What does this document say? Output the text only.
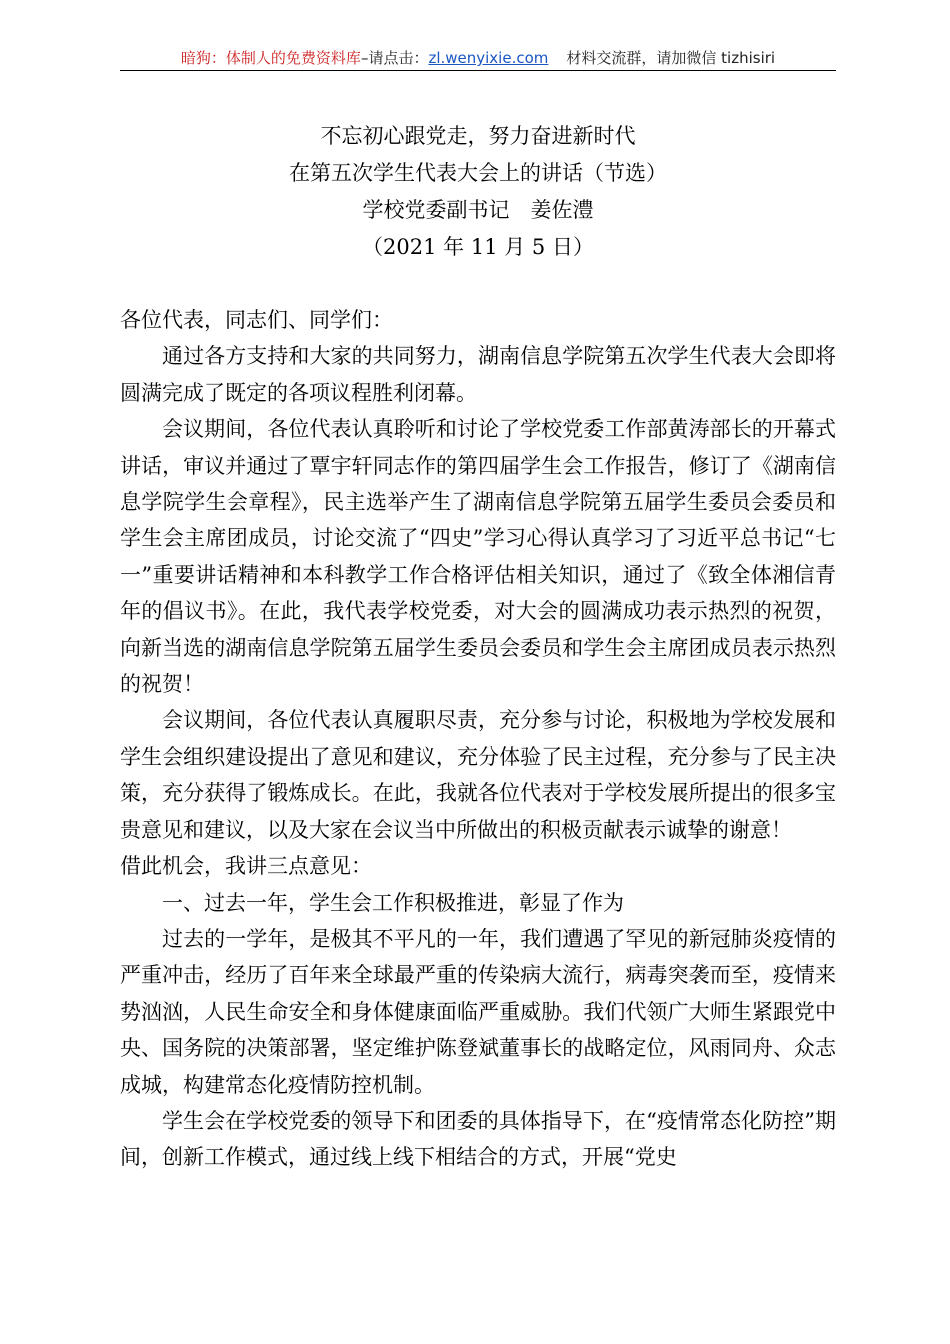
暗狗：体制人的免费资料库–请点击：zl.wenyixie.com 材料交流群，请加微信 tizhisiri
不忘初心跟党走，努力奋进新时代
在第五次学生代表大会上的讲话（节选）
学校党委副书记　姜佐澧
（2021 年 11 月 5 日）

各位代表，同志们、同学们：

通过各方支持和大家的共同努力，湖南信息学院第五次学生代表大会即将圆满完成了既定的各项议程胜利闭幕。

会议期间，各位代表认真聆听和讨论了学校党委工作部黄涛部长的开幕式讲话，审议并通过了覃宇轩同志作的第四届学生会工作报告，修订了《湖南信息学院学生会章程》，民主选举产生了湖南信息学院第五届学生委员会委员和学生会主席团成员，讨论交流了“四史”学习心得认真学习了习近平总书记“七一”重要讲话精神和本科教学工作合格评估相关知识，通过了《致全体湘信青年的倡议书》。在此，我代表学校党委，对大会的圆满成功表示热烈的祝贺，向新当选的湖南信息学院第五届学生委员会委员和学生会主席团成员表示热烈的祝贺！

会议期间，各位代表认真履职尽责，充分参与讨论，积极地为学校发展和学生会组织建设提出了意见和建议，充分体验了民主过程，充分参与了民主决策，充分获得了锻炼成长。在此，我就各位代表对于学校发展所提出的很多宝贵意见和建议，以及大家在会议当中所做出的积极贡献表示诚挚的谢意！

借此机会，我讲三点意见：

一、过去一年，学生会工作积极推进，彰显了作为

过去的一学年，是极其不平凡的一年，我们遭遇了罕见的新冠肺炎疫情的严重冲击，经历了百年来全球最严重的传染病大流行，病毒突袭而至，疫情来势汹汹，人民生命安全和身体健康面临严重威胁。我们代领广大师生紧跟党中央、国务院的决策部署，坚定维护陈登斌董事长的战略定位，风雨同舟、众志成城，构建常态化疫情防控机制。

学生会在学校党委的领导下和团委的具体指导下，在“疫情常态化防控”期间，创新工作模式，通过线上线下相结合的方式，开展“党史
